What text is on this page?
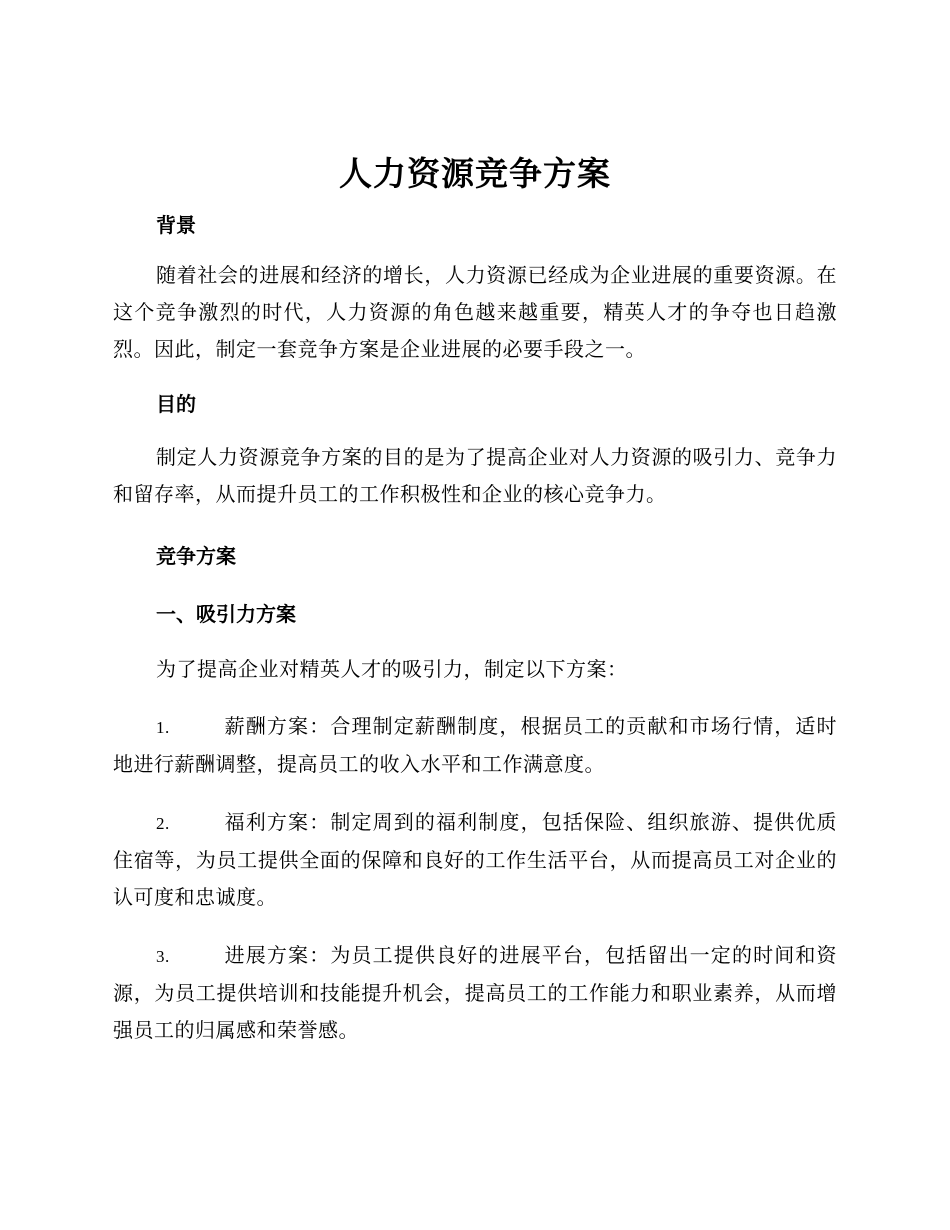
人力资源竞争方案
背景

随着社会的进展和经济的增长，人力资源已经成为企业进展的重要资源。在这个竞争激烈的时代，人力资源的角色越来越重要，精英人才的争夺也日趋激烈。因此，制定一套竞争方案是企业进展的必要手段之一。

目的

制定人力资源竞争方案的目的是为了提高企业对人力资源的吸引力、竞争力和留存率，从而提升员工的工作积极性和企业的核心竞争力。

竞争方案
一、吸引力方案

为了提高企业对精英人才的吸引力，制定以下方案：

1.	薪酬方案：合理制定薪酬制度，根据员工的贡献和市场行情，适时地进行薪酬调整，提高员工的收入水平和工作满意度。

2.	福利方案：制定周到的福利制度，包括保险、组织旅游、提供优质住宿等，为员工提供全面的保障和良好的工作生活平台，从而提高员工对企业的认可度和忠诚度。

3.	进展方案：为员工提供良好的进展平台，包括留出一定的时间和资源，为员工提供培训和技能提升机会，提高员工的工作能力和职业素养，从而增强员工的归属感和荣誉感。
